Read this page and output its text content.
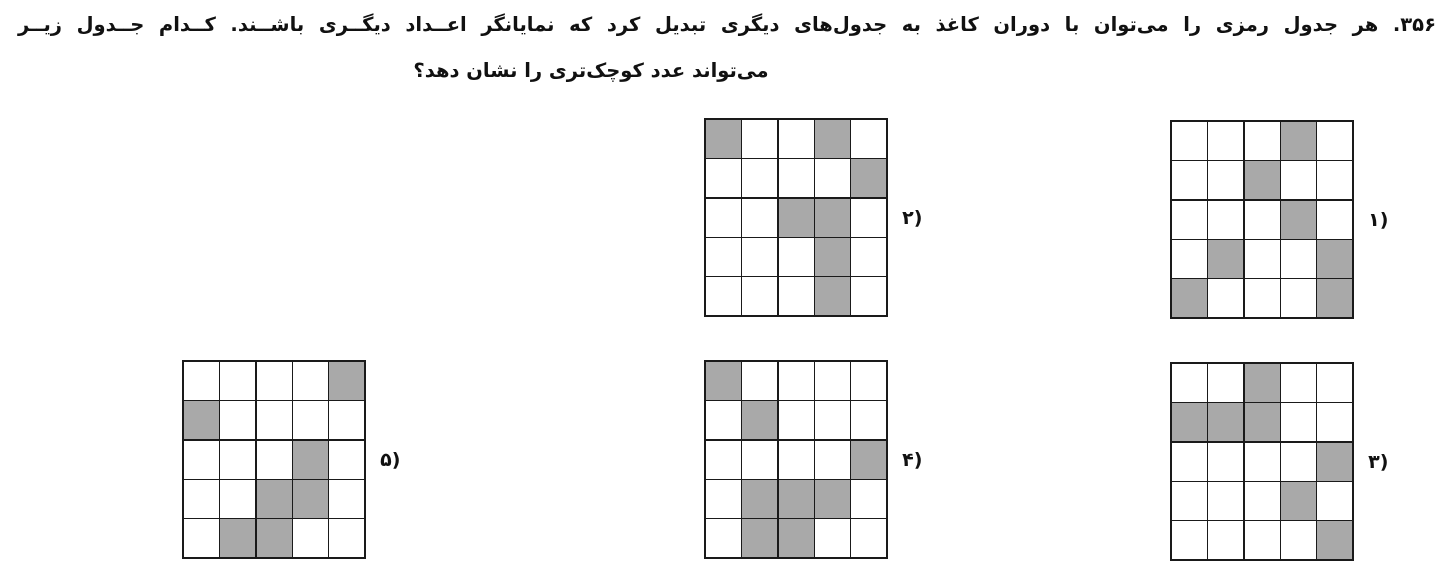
۳۵۶. هر جدول رمزی را می‌توان با دوران کاغذ به جدول‌های دیگری تبدیل کرد که نمایانگر اعــداد دیگــری باشــند. کــدام جــدول زیــر
می‌تواند عدد کوچک‌تری را نشان دهد؟
۲)	۱)
۵)	۴)	۳)
